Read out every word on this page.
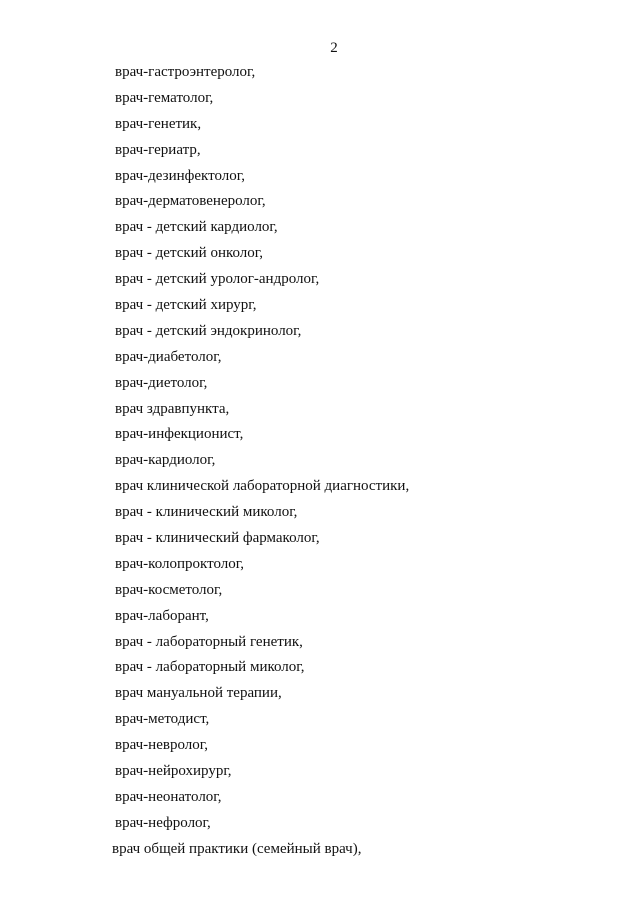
2
врач-гастроэнтеролог,
врач-гематолог,
врач-генетик,
врач-гериатр,
врач-дезинфектолог,
врач-дерматовенеролог,
врач - детский кардиолог,
врач - детский онколог,
врач - детский уролог-андролог,
врач - детский хирург,
врач - детский эндокринолог,
врач-диабетолог,
врач-диетолог,
врач здравпункта,
врач-инфекционист,
врач-кардиолог,
врач клинической лабораторной диагностики,
врач - клинический миколог,
врач - клинический фармаколог,
врач-колопроктолог,
врач-косметолог,
врач-лаборант,
врач - лабораторный генетик,
врач - лабораторный миколог,
врач мануальной терапии,
врач-методист,
врач-невролог,
врач-нейрохирург,
врач-неонатолог,
врач-нефролог,
врач общей практики (семейный врач),
